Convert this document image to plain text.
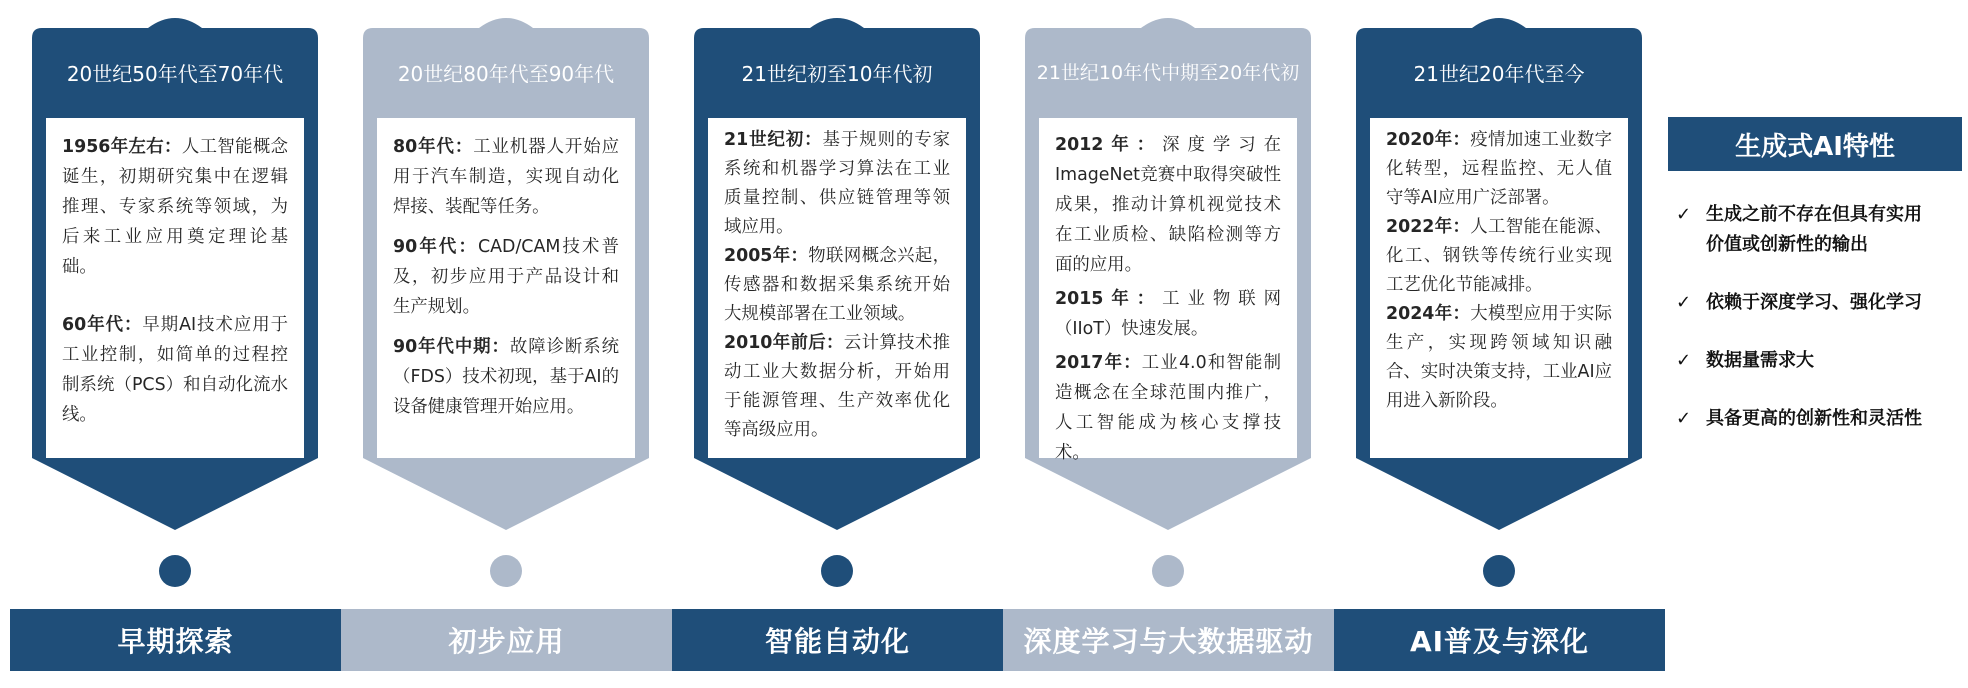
20世纪50年代至70年代

1956年左右：人工智能概念诞生，初期研究集中在逻辑推理、专家系统等领域，为后来工业应用奠定理论基础。

60年代：早期AI技术应用于工业控制，如简单的过程控制系统（PCS）和自动化流水线。

20世纪80年代至90年代

80年代：工业机器人开始应用于汽车制造，实现自动化焊接、装配等任务。

90年代：CAD/CAM技术普及，初步应用于产品设计和生产规划。

90年代中期：故障诊断系统（FDS）技术初现，基于AI的设备健康管理开始应用。

21世纪初至10年代初

21世纪初：基于规则的专家系统和机器学习算法在工业质量控制、供应链管理等领域应用。

2005年：物联网概念兴起，传感器和数据采集系统开始大规模部署在工业领域。

2010年前后：云计算技术推动工业大数据分析，开始用于能源管理、生产效率优化等高级应用。

21世纪10年代中期至20年代初

2012年：深度学习在ImageNet竞赛中取得突破性成果，推动计算机视觉技术在工业质检、缺陷检测等方面的应用。

2015年：工业物联网（IIoT）快速发展。

2017年：工业4.0和智能制造概念在全球范围内推广，人工智能成为核心支撑技术。

21世纪20年代至今

2020年：疫情加速工业数字化转型，远程监控、无人值守等AI应用广泛部署。

2022年：人工智能在能源、化工、钢铁等传统行业实现工艺优化节能减排。

2024年：大模型应用于实际生产，实现跨领域知识融合、实时决策支持，工业AI应用进入新阶段。

早期探索	初步应用	智能自动化	深度学习与大数据驱动	AI普及与深化
生成式AI特性
✓ 生成之前不存在但具有实用价值或创新性的输出
✓ 依赖于深度学习、强化学习
✓ 数据量需求大
✓ 具备更高的创新性和灵活性
